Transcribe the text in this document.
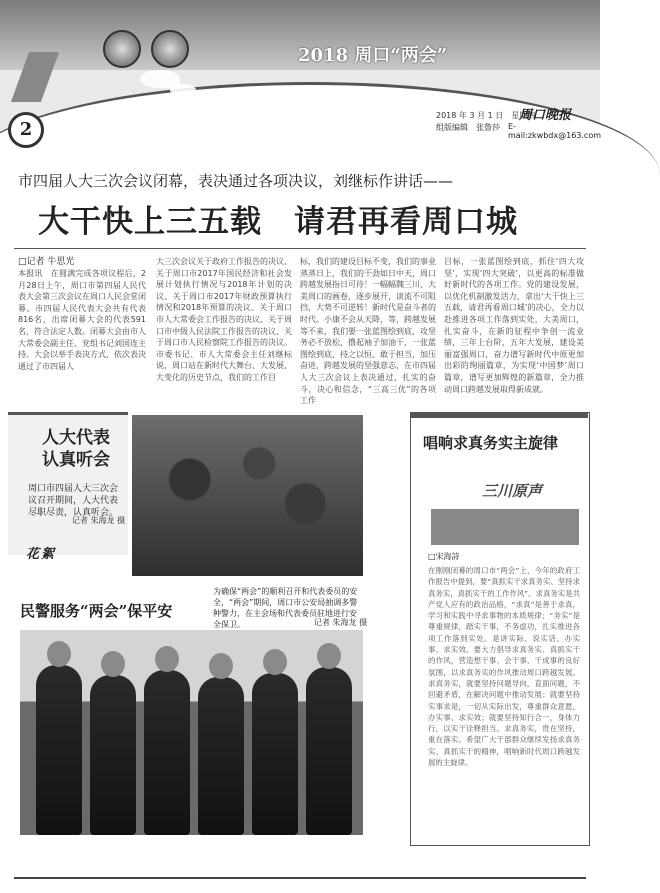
2018 周口“两会”
2
2018 年 3 月 1 日　星期四
周口晚报
组版编辑　张鲁莎 E-mail:zkwbdx@163.com
市四届人大三次会议闭幕，表决通过各项决议，刘继标作讲话——
大干快上三五载　请君再看周口城
□记者 牛思光
本报讯　在圆满完成各项议程后，2月28日上午，周口市第四届人民代表大会第三次会议在周口人民会堂闭幕。市四届人民代表大会共有代表816名，出席闭幕大会的代表591名，符合法定人数。闭幕大会由市人大常委会副主任、党组书记刘国连主持。大会以举手表决方式，依次表决通过了市四届人
大三次会议关于政府工作报告的决议、关于周口市2017年国民经济和社会发展计划执行情况与2018年计划的决议、关于周口市2017年财政预算执行情况和2018年预算的决议、关于周口市人大常委会工作报告的决议、关于周口市中级人民法院工作报告的决议、关于周口市人民检察院工作报告的决议。市委书记、市人大常委会主任刘继标说，周口站在新时代大舞台、大发展、大变化的历史节点，我们的工作目
标，我们的建设目标不变，我们的事业蒸蒸日上，我们的干劲如日中天，周口跨越发展指日可待！一幅幅魏三川、大美周口的画卷，逐步展开，谈流不可阻挡，大势不可逆转！新时代是奋斗者的时代。小康不会从天降，等，跨越发展等不来，我们要一张蓝图绘到底，攻坚务必不放松，撸起袖子加油干，一张蓝图绘到底，持之以恒、敢于担当，加压奋进，跨越发展的坚强意志，在市四届人大三次会议上表决通过，扎实的奋斗，决心和信念，“三高三优”的各项工作
目标，一张蓝图绘到底，抓住‘四大攻坚’，实现‘四大突破’，以更高的标准做好新时代的各项工作。党的建设发展，以优化机制激发活力，拿出‘大干快上三五载，请君再看周口城’的决心，全力以赴推进各项工作落到实处，大美周口，扎实奋斗，在新的征程中争创一流业绩，三年上台阶，五年大发展，建设美丽富强周口，奋力谱写新时代中原更加出彩的绚丽篇章，为实现‘中国梦’周口篇章，谱写更加辉煌的新篇章，全力推动周口跨越发展取得新成就。
人大代表认真听会
周口市四届人大三次会议召开期间，人大代表尽职尽责，认真听会。
记者 朱海龙 摄
花絮
为确保“两会”的顺利召开和代表委员的安全，“两会”期间，周口市公安局抽调多警种警力，在主会场和代表委员驻地进行安全保卫。	记者 朱海龙 摄
民警服务“两会”保平安
唱响求真务实主旋律
三川原声
□宋海詩
在刚刚闭幕的周口市“两会”上，今年的政府工作报告中提到，要“真抓实干求真务实、坚持求真务实，真抓实干的工作作风”。求真务实是共产党人应有的政治品格，“求真”是善于求真，学习和实践中寻求事物的本质规律；“务实”是尊重规律，踏实干事，不务虚功，扎实推进各项工作落到实处。是讲实际、说实话、办实事、求实效。要大力倡导求真务实、真抓实干的作风，营造想干事、会干事、干成事的良好氛围，以求真务实的作风推动周口跨越发展。求真务实，就要坚持问题导向，直面问题，不回避矛盾，在解决问题中推动发展；就要坚持实事求是，一切从实际出发，尊重群众意愿，办实事、求实效；就要坚持知行合一，身体力行，以实干诠释担当。求真务实，贵在坚持，重在落实。希望广大干部群众继续发扬求真务实、真抓实干的精神，唱响新时代周口跨越发展的主旋律。
